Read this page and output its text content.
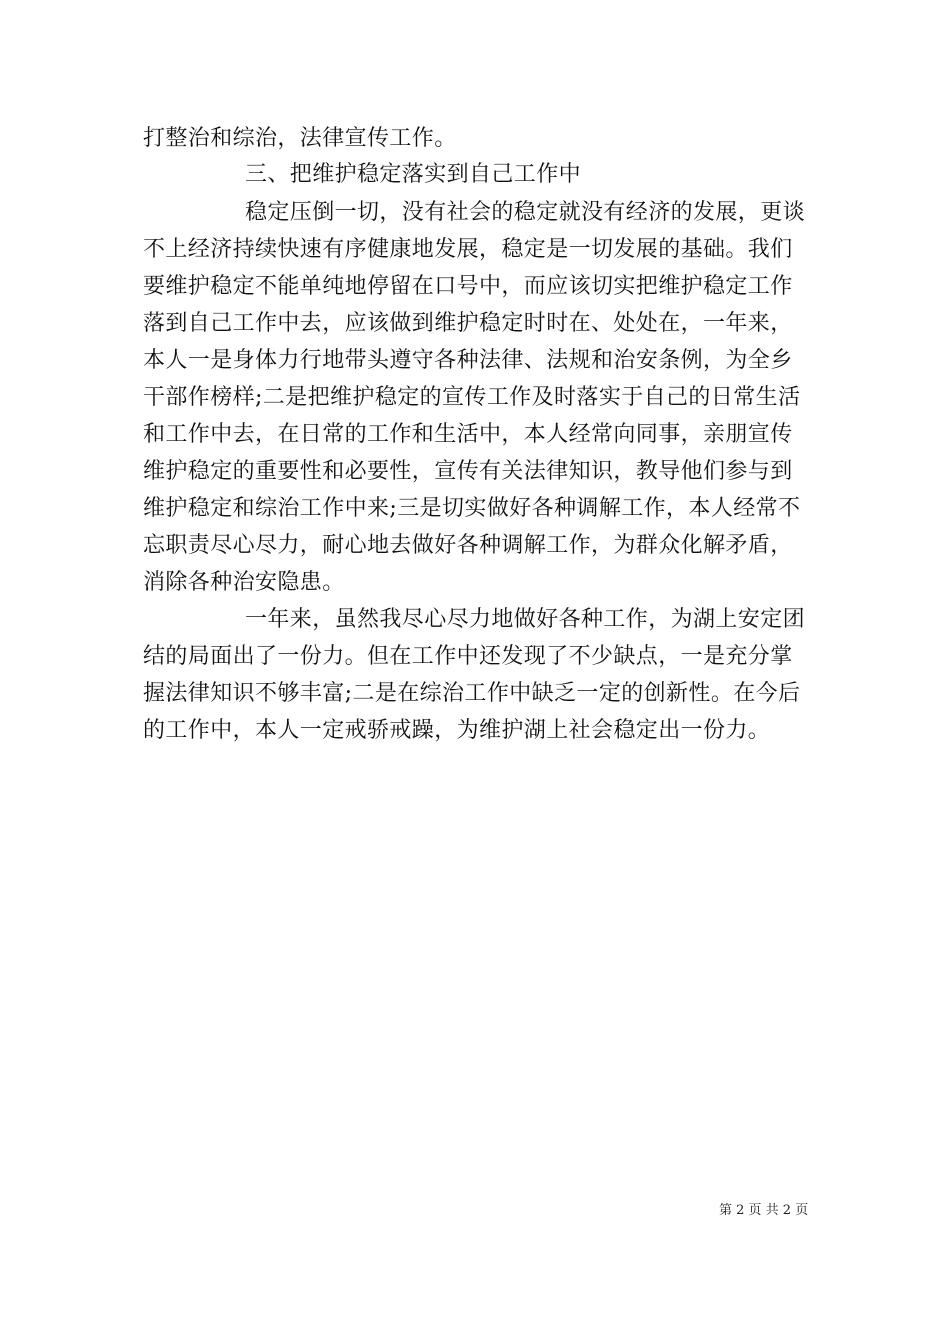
打整治和综治，法律宣传工作。
三、把维护稳定落实到自己工作中
稳定压倒一切，没有社会的稳定就没有经济的发展，更谈
不上经济持续快速有序健康地发展，稳定是一切发展的基础。我们
要维护稳定不能单纯地停留在口号中，而应该切实把维护稳定工作
落到自己工作中去，应该做到维护稳定时时在、处处在，一年来，
本人一是身体力行地带头遵守各种法律、法规和治安条例，为全乡
干部作榜样;二是把维护稳定的宣传工作及时落实于自己的日常生活
和工作中去，在日常的工作和生活中，本人经常向同事，亲朋宣传
维护稳定的重要性和必要性，宣传有关法律知识，教导他们参与到
维护稳定和综治工作中来;三是切实做好各种调解工作，本人经常不
忘职责尽心尽力，耐心地去做好各种调解工作，为群众化解矛盾，
消除各种治安隐患。
一年来，虽然我尽心尽力地做好各种工作，为湖上安定团
结的局面出了一份力。但在工作中还发现了不少缺点，一是充分掌
握法律知识不够丰富;二是在综治工作中缺乏一定的创新性。在今后
的工作中，本人一定戒骄戒躁，为维护湖上社会稳定出一份力。
第 2 页 共 2 页
